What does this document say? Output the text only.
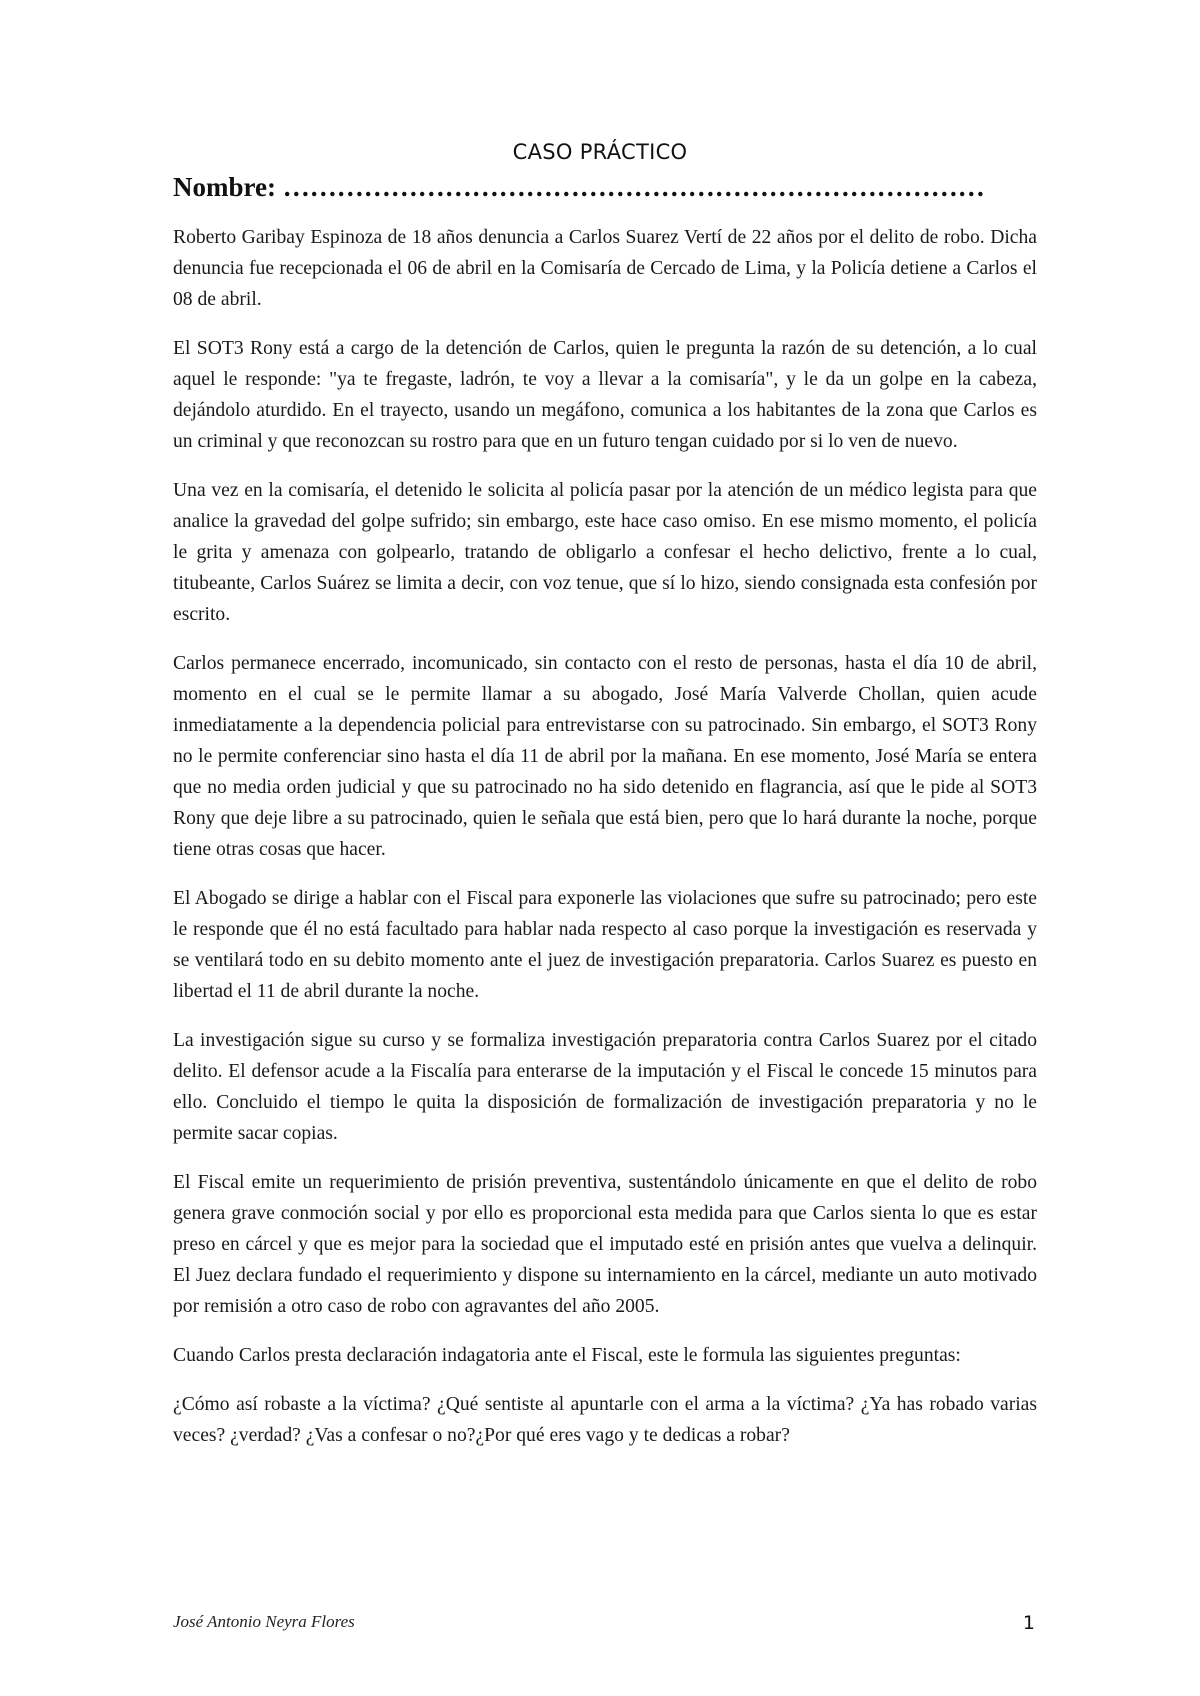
CASO PRÁCTICO
Nombre: ……………………………………………………………………

Roberto Garibay Espinoza de 18 años denuncia a Carlos Suarez Vertí de 22 años por el delito de robo. Dicha denuncia fue recepcionada el 06 de abril en la Comisaría de Cercado de Lima, y la Policía detiene a Carlos el 08 de abril.

El SOT3 Rony está a cargo de la detención de Carlos, quien le pregunta la razón de su detención, a lo cual aquel le responde: "ya te fregaste, ladrón, te voy a llevar a la comisaría", y le da un golpe en la cabeza, dejándolo aturdido. En el trayecto, usando un megáfono, comunica a los habitantes de la zona que Carlos es un criminal y que reconozcan su rostro para que en un futuro tengan cuidado por si lo ven de nuevo.

Una vez en la comisaría, el detenido le solicita al policía pasar por la atención de un médico legista para que analice la gravedad del golpe sufrido; sin embargo, este hace caso omiso. En ese mismo momento, el policía le grita y amenaza con golpearlo, tratando de obligarlo a confesar el hecho delictivo, frente a lo cual, titubeante, Carlos Suárez se limita a decir, con voz tenue, que sí lo hizo, siendo consignada esta confesión por escrito.

Carlos permanece encerrado, incomunicado, sin contacto con el resto de personas, hasta el día 10 de abril, momento en el cual se le permite llamar a su abogado, José María Valverde Chollan, quien acude inmediatamente a la dependencia policial para entrevistarse con su patrocinado. Sin embargo, el SOT3 Rony no le permite conferenciar sino hasta el día 11 de abril por la mañana. En ese momento, José María se entera que no media orden judicial y que su patrocinado no ha sido detenido en flagrancia, así que le pide al SOT3 Rony que deje libre a su patrocinado, quien le señala que está bien, pero que lo hará durante la noche, porque tiene otras cosas que hacer.

El Abogado se dirige a hablar con el Fiscal para exponerle las violaciones que sufre su patrocinado; pero este le responde que él no está facultado para hablar nada respecto al caso porque la investigación es reservada y se ventilará todo en su debito momento ante el juez de investigación preparatoria. Carlos Suarez es puesto en libertad el 11 de abril durante la noche.

La investigación sigue su curso y se formaliza investigación preparatoria contra Carlos Suarez por el citado delito. El defensor acude a la Fiscalía para enterarse de la imputación y el Fiscal le concede 15 minutos para ello. Concluido el tiempo le quita la disposición de formalización de investigación preparatoria y no le permite sacar copias.

El Fiscal emite un requerimiento de prisión preventiva, sustentándolo únicamente en que el delito de robo genera grave conmoción social y por ello es proporcional esta medida para que Carlos sienta lo que es estar preso en cárcel y que es mejor para la sociedad que el imputado esté en prisión antes que vuelva a delinquir. El Juez declara fundado el requerimiento y dispone su internamiento en la cárcel, mediante un auto motivado por remisión a otro caso de robo con agravantes del año 2005.

Cuando Carlos presta declaración indagatoria ante el Fiscal, este le formula las siguientes preguntas:

¿Cómo así robaste a la víctima? ¿Qué sentiste al apuntarle con el arma a la víctima? ¿Ya has robado varias veces? ¿verdad? ¿Vas a confesar o no?¿Por qué eres vago y te dedicas a robar?

José Antonio Neyra Flores	1
